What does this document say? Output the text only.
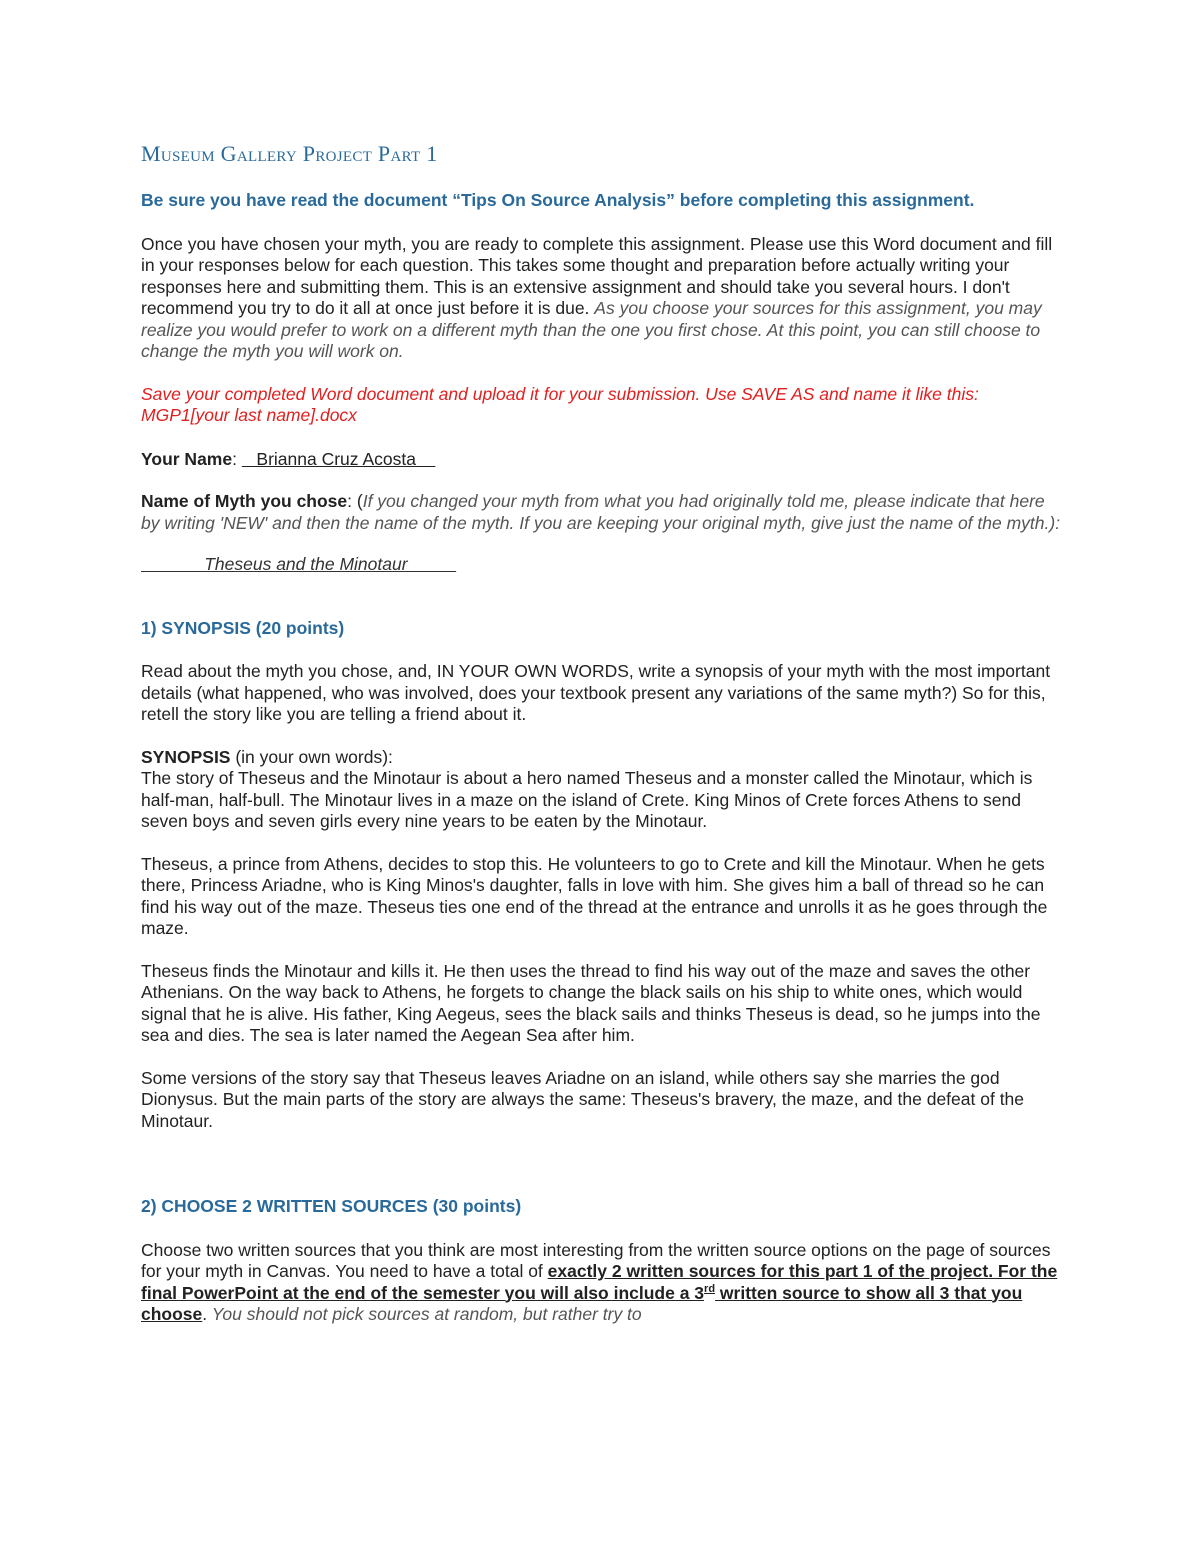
Museum Gallery Project Part 1
Be sure you have read the document “Tips On Source Analysis” before completing this assignment.

Once you have chosen your myth, you are ready to complete this assignment. Please use this Word document and fill in your responses below for each question. This takes some thought and preparation before actually writing your responses here and submitting them. This is an extensive assignment and should take you several hours. I don't recommend you try to do it all at once just before it is due. As you choose your sources for this assignment, you may realize you would prefer to work on a different myth than the one you first chose. At this point, you can still choose to change the myth you will work on.

Save your completed Word document and upload it for your submission. Use SAVE AS and name it like this: MGP1[your last name].docx

Your Name:    Brianna Cruz Acosta

Name of Myth you chose: (If you changed your myth from what you had originally told me, please indicate that here by writing 'NEW' and then the name of the myth. If you are keeping your original myth, give just the name of the myth.):

Theseus and the Minotaur

1) SYNOPSIS (20 points)

Read about the myth you chose, and, IN YOUR OWN WORDS, write a synopsis of your myth with the most important details (what happened, who was involved, does your textbook present any variations of the same myth?) So for this, retell the story like you are telling a friend about it.

SYNOPSIS (in your own words):

The story of Theseus and the Minotaur is about a hero named Theseus and a monster called the Minotaur, which is half-man, half-bull. The Minotaur lives in a maze on the island of Crete. King Minos of Crete forces Athens to send seven boys and seven girls every nine years to be eaten by the Minotaur.

Theseus, a prince from Athens, decides to stop this. He volunteers to go to Crete and kill the Minotaur. When he gets there, Princess Ariadne, who is King Minos's daughter, falls in love with him. She gives him a ball of thread so he can find his way out of the maze. Theseus ties one end of the thread at the entrance and unrolls it as he goes through the maze.

Theseus finds the Minotaur and kills it. He then uses the thread to find his way out of the maze and saves the other Athenians. On the way back to Athens, he forgets to change the black sails on his ship to white ones, which would signal that he is alive. His father, King Aegeus, sees the black sails and thinks Theseus is dead, so he jumps into the sea and dies. The sea is later named the Aegean Sea after him.

Some versions of the story say that Theseus leaves Ariadne on an island, while others say she marries the god Dionysus. But the main parts of the story are always the same: Theseus's bravery, the maze, and the defeat of the Minotaur.

2) CHOOSE 2 WRITTEN SOURCES (30 points)

Choose two written sources that you think are most interesting from the written source options on the page of sources for your myth in Canvas. You need to have a total of exactly 2 written sources for this part 1 of the project. For the final PowerPoint at the end of the semester you will also include a 3rd written source to show all 3 that you choose. You should not pick sources at random, but rather try to
